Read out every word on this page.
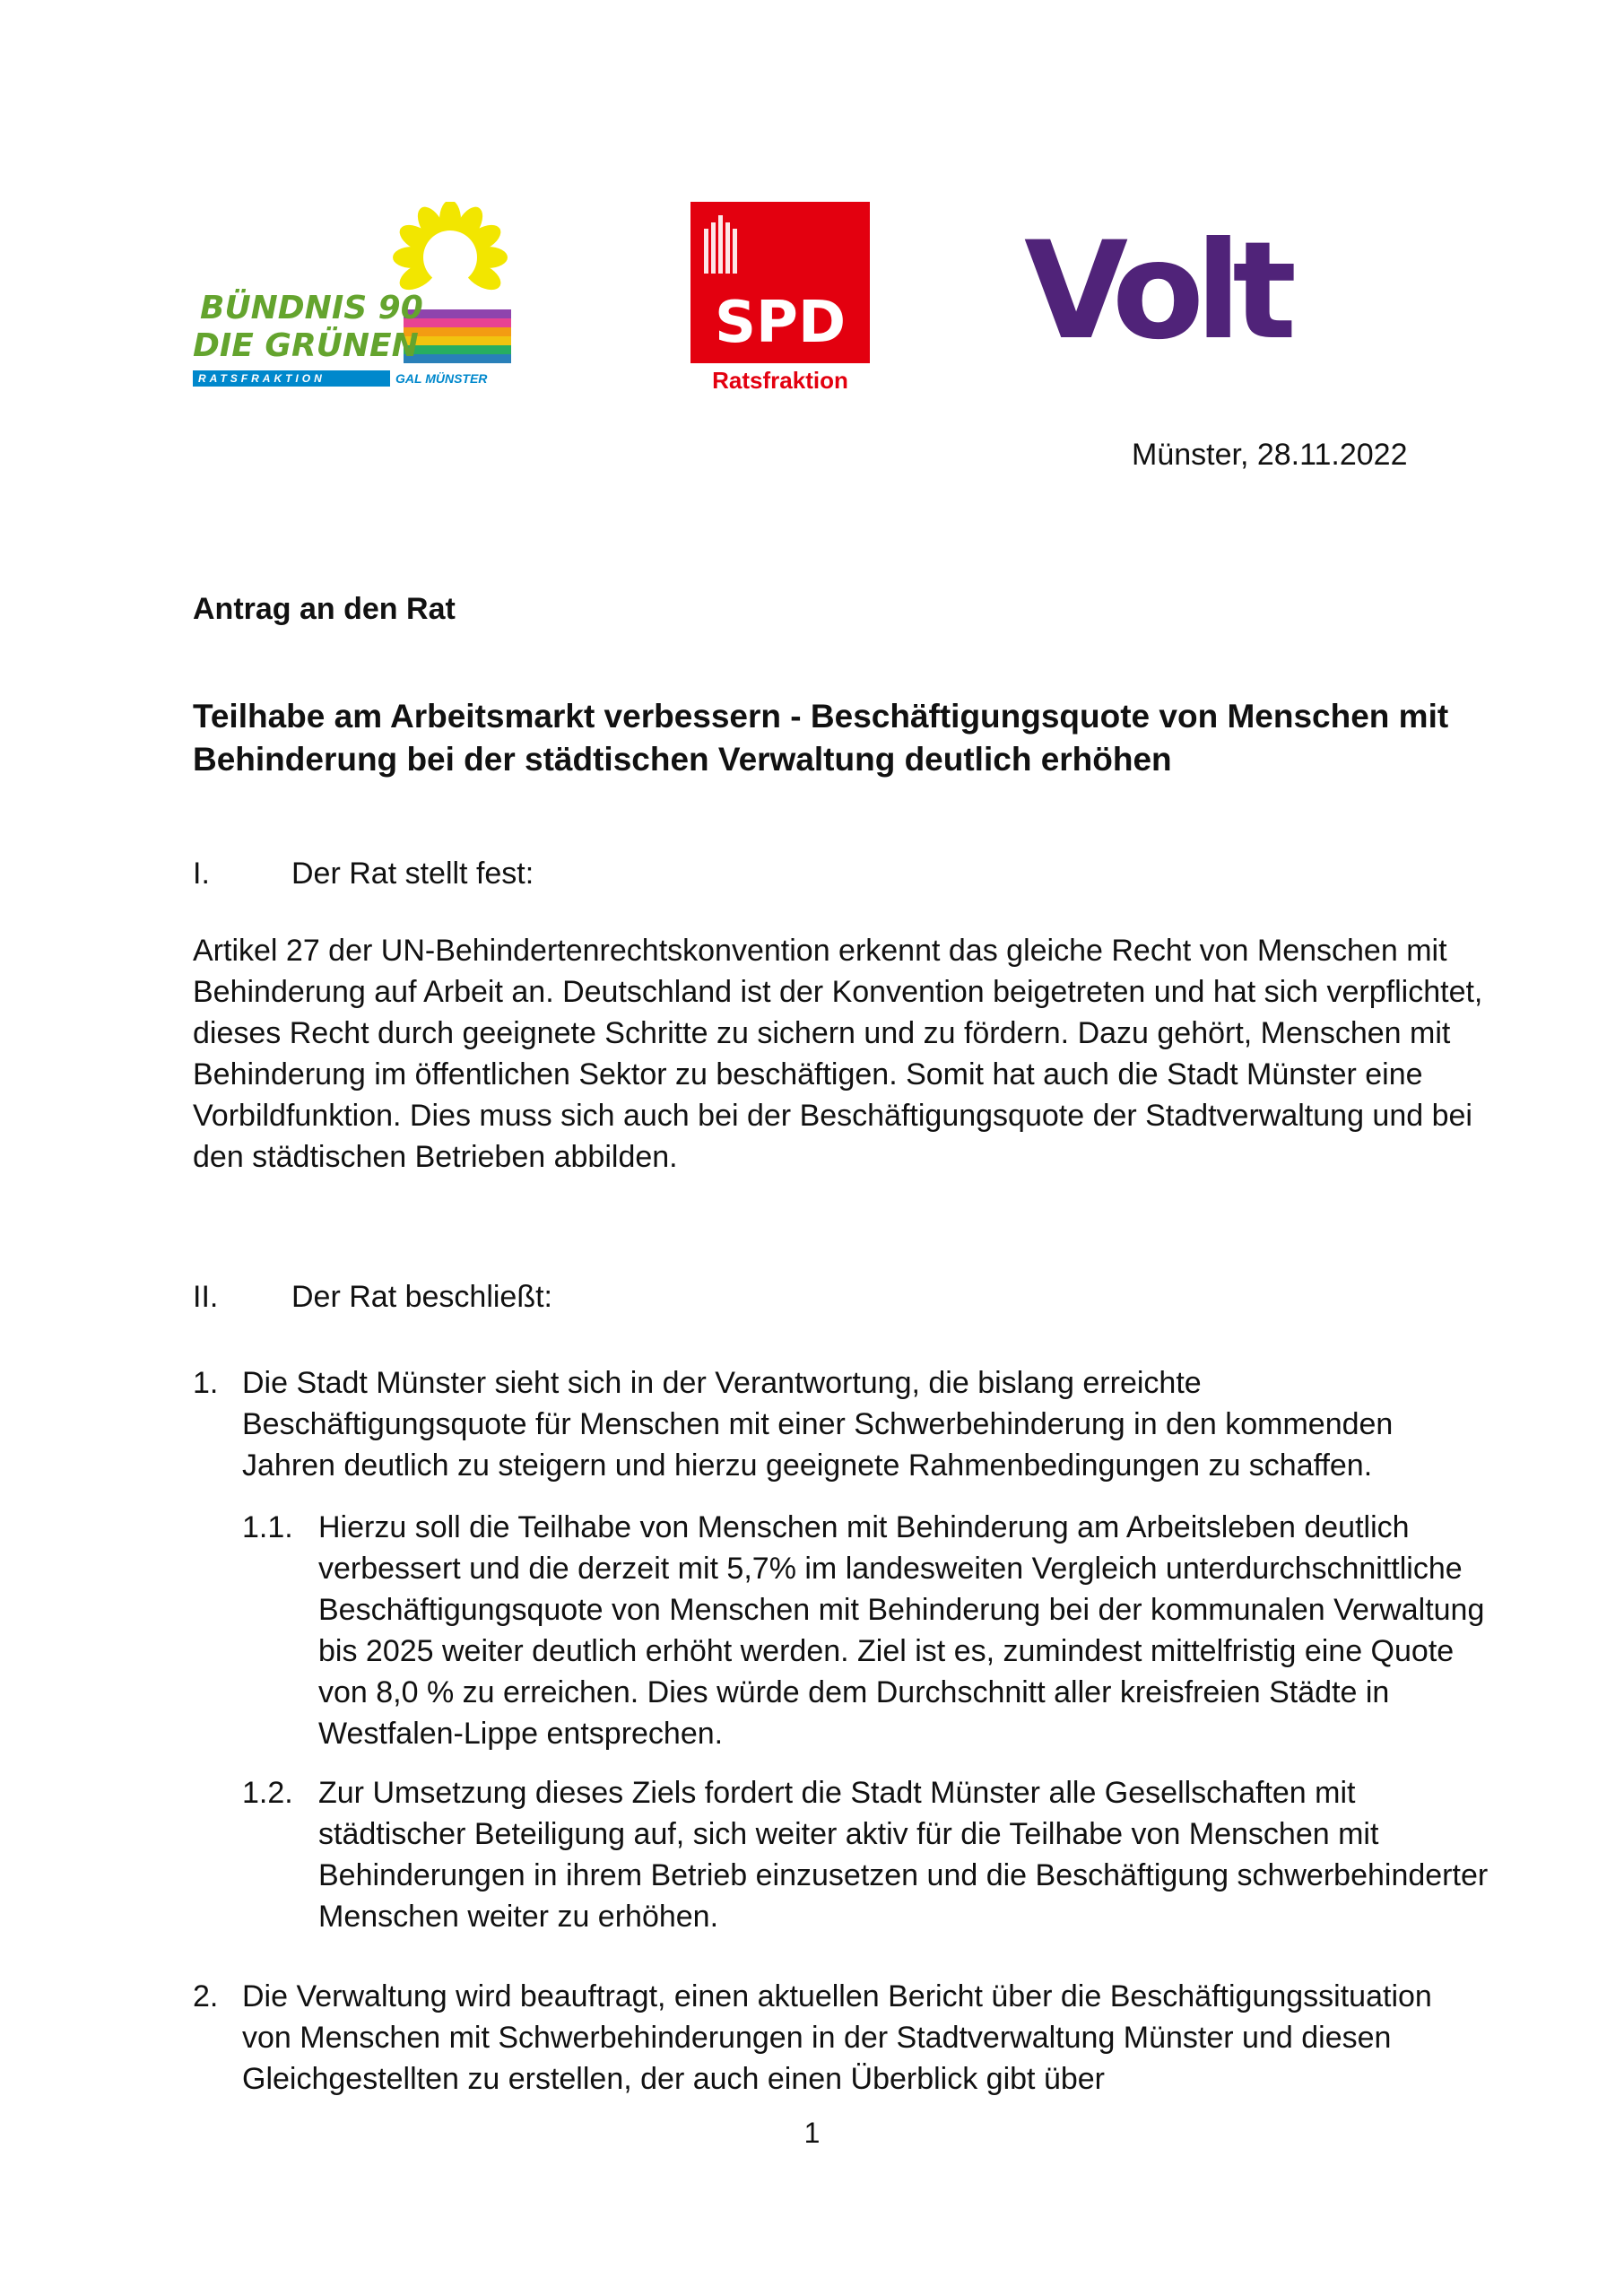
BÜNDNIS 90
DIE GRÜNEN
RATSFRAKTION	GAL MÜNSTER
SPD
Ratsfraktion
Volt
Münster, 28.11.2022
Antrag an den Rat
Teilhabe am Arbeitsmarkt verbessern - Beschäftigungsquote von Menschen mit Behinderung bei der städtischen Verwaltung deutlich erhöhen
I.	Der Rat stellt fest:
Artikel 27 der UN-Behindertenrechtskonvention erkennt das gleiche Recht von Menschen mit Behinderung auf Arbeit an. Deutschland ist der Konvention beigetreten und hat sich verpflichtet, dieses Recht durch geeignete Schritte zu sichern und zu fördern. Dazu gehört, Menschen mit Behinderung im öffentlichen Sektor zu beschäftigen. Somit hat auch die Stadt Münster eine Vorbildfunktion. Dies muss sich auch bei der Beschäftigungsquote der Stadtverwaltung und bei den städtischen Betrieben abbilden.
II. Der Rat beschließt:
1. Die Stadt Münster sieht sich in der Verantwortung, die bislang erreichte Beschäftigungsquote für Menschen mit einer Schwerbehinderung in den kommenden Jahren deutlich zu steigern und hierzu geeignete Rahmenbedingungen zu schaffen.
1.1. Hierzu soll die Teilhabe von Menschen mit Behinderung am Arbeitsleben deutlich verbessert und die derzeit mit 5,7% im landesweiten Vergleich unterdurchschnittliche Beschäftigungsquote von Menschen mit Behinderung bei der kommunalen Verwaltung bis 2025 weiter deutlich erhöht werden. Ziel ist es, zumindest mittelfristig eine Quote von 8,0 % zu erreichen. Dies würde dem Durchschnitt aller kreisfreien Städte in Westfalen-Lippe entsprechen.
1.2. Zur Umsetzung dieses Ziels fordert die Stadt Münster alle Gesellschaften mit städtischer Beteiligung auf, sich weiter aktiv für die Teilhabe von Menschen mit Behinderungen in ihrem Betrieb einzusetzen und die Beschäftigung schwerbehinderter Menschen weiter zu erhöhen.
2. Die Verwaltung wird beauftragt, einen aktuellen Bericht über die Beschäftigungssituation von Menschen mit Schwerbehinderungen in der Stadtverwaltung Münster und diesen Gleichgestellten zu erstellen, der auch einen Überblick gibt über
1
